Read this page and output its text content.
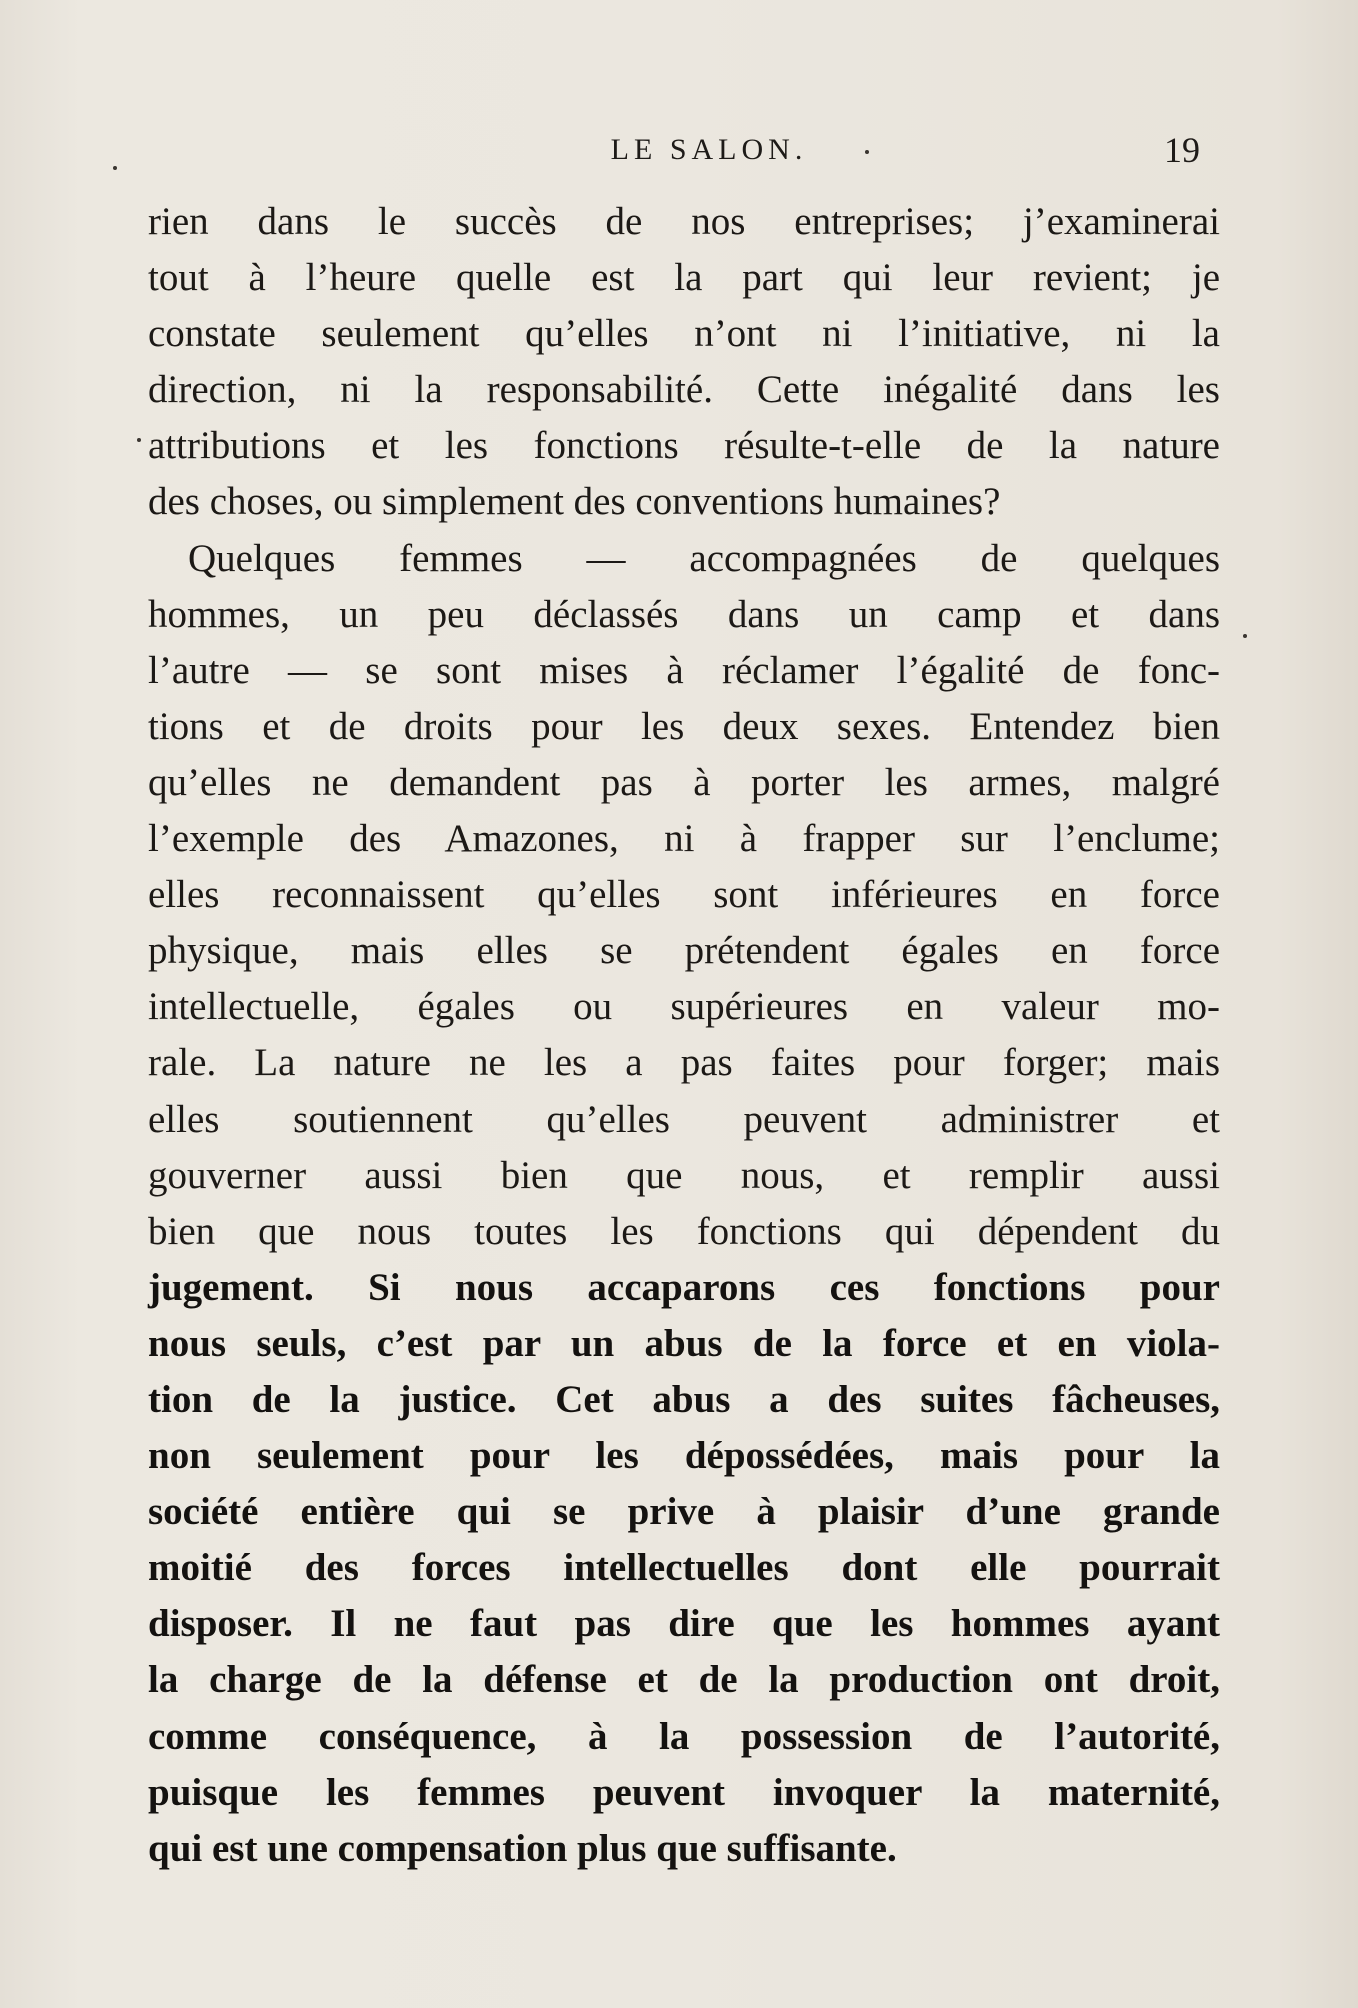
LE SALON.	19
rien dans le succès de nos entreprises; j’examinerai
tout à l’heure quelle est la part qui leur revient; je
constate seulement qu’elles n’ont ni l’initiative, ni la
direction, ni la responsabilité. Cette inégalité dans les
attributions et les fonctions résulte-t-elle de la nature
des choses, ou simplement des conventions humaines?
Quelques femmes — accompagnées de quelques
hommes, un peu déclassés dans un camp et dans
l’autre — se sont mises à réclamer l’égalité de fonc-
tions et de droits pour les deux sexes. Entendez bien
qu’elles ne demandent pas à porter les armes, malgré
l’exemple des Amazones, ni à frapper sur l’enclume;
elles reconnaissent qu’elles sont inférieures en force
physique, mais elles se prétendent égales en force
intellectuelle, égales ou supérieures en valeur mo-
rale. La nature ne les a pas faites pour forger; mais
elles soutiennent qu’elles peuvent administrer et
gouverner aussi bien que nous, et remplir aussi
bien que nous toutes les fonctions qui dépendent du
jugement. Si nous accaparons ces fonctions pour
nous seuls, c’est par un abus de la force et en viola-
tion de la justice. Cet abus a des suites fâcheuses,
non seulement pour les dépossédées, mais pour la
société entière qui se prive à plaisir d’une grande
moitié des forces intellectuelles dont elle pourrait
disposer. Il ne faut pas dire que les hommes ayant
la charge de la défense et de la production ont droit,
comme conséquence, à la possession de l’autorité,
puisque les femmes peuvent invoquer la maternité,
qui est une compensation plus que suffisante.
